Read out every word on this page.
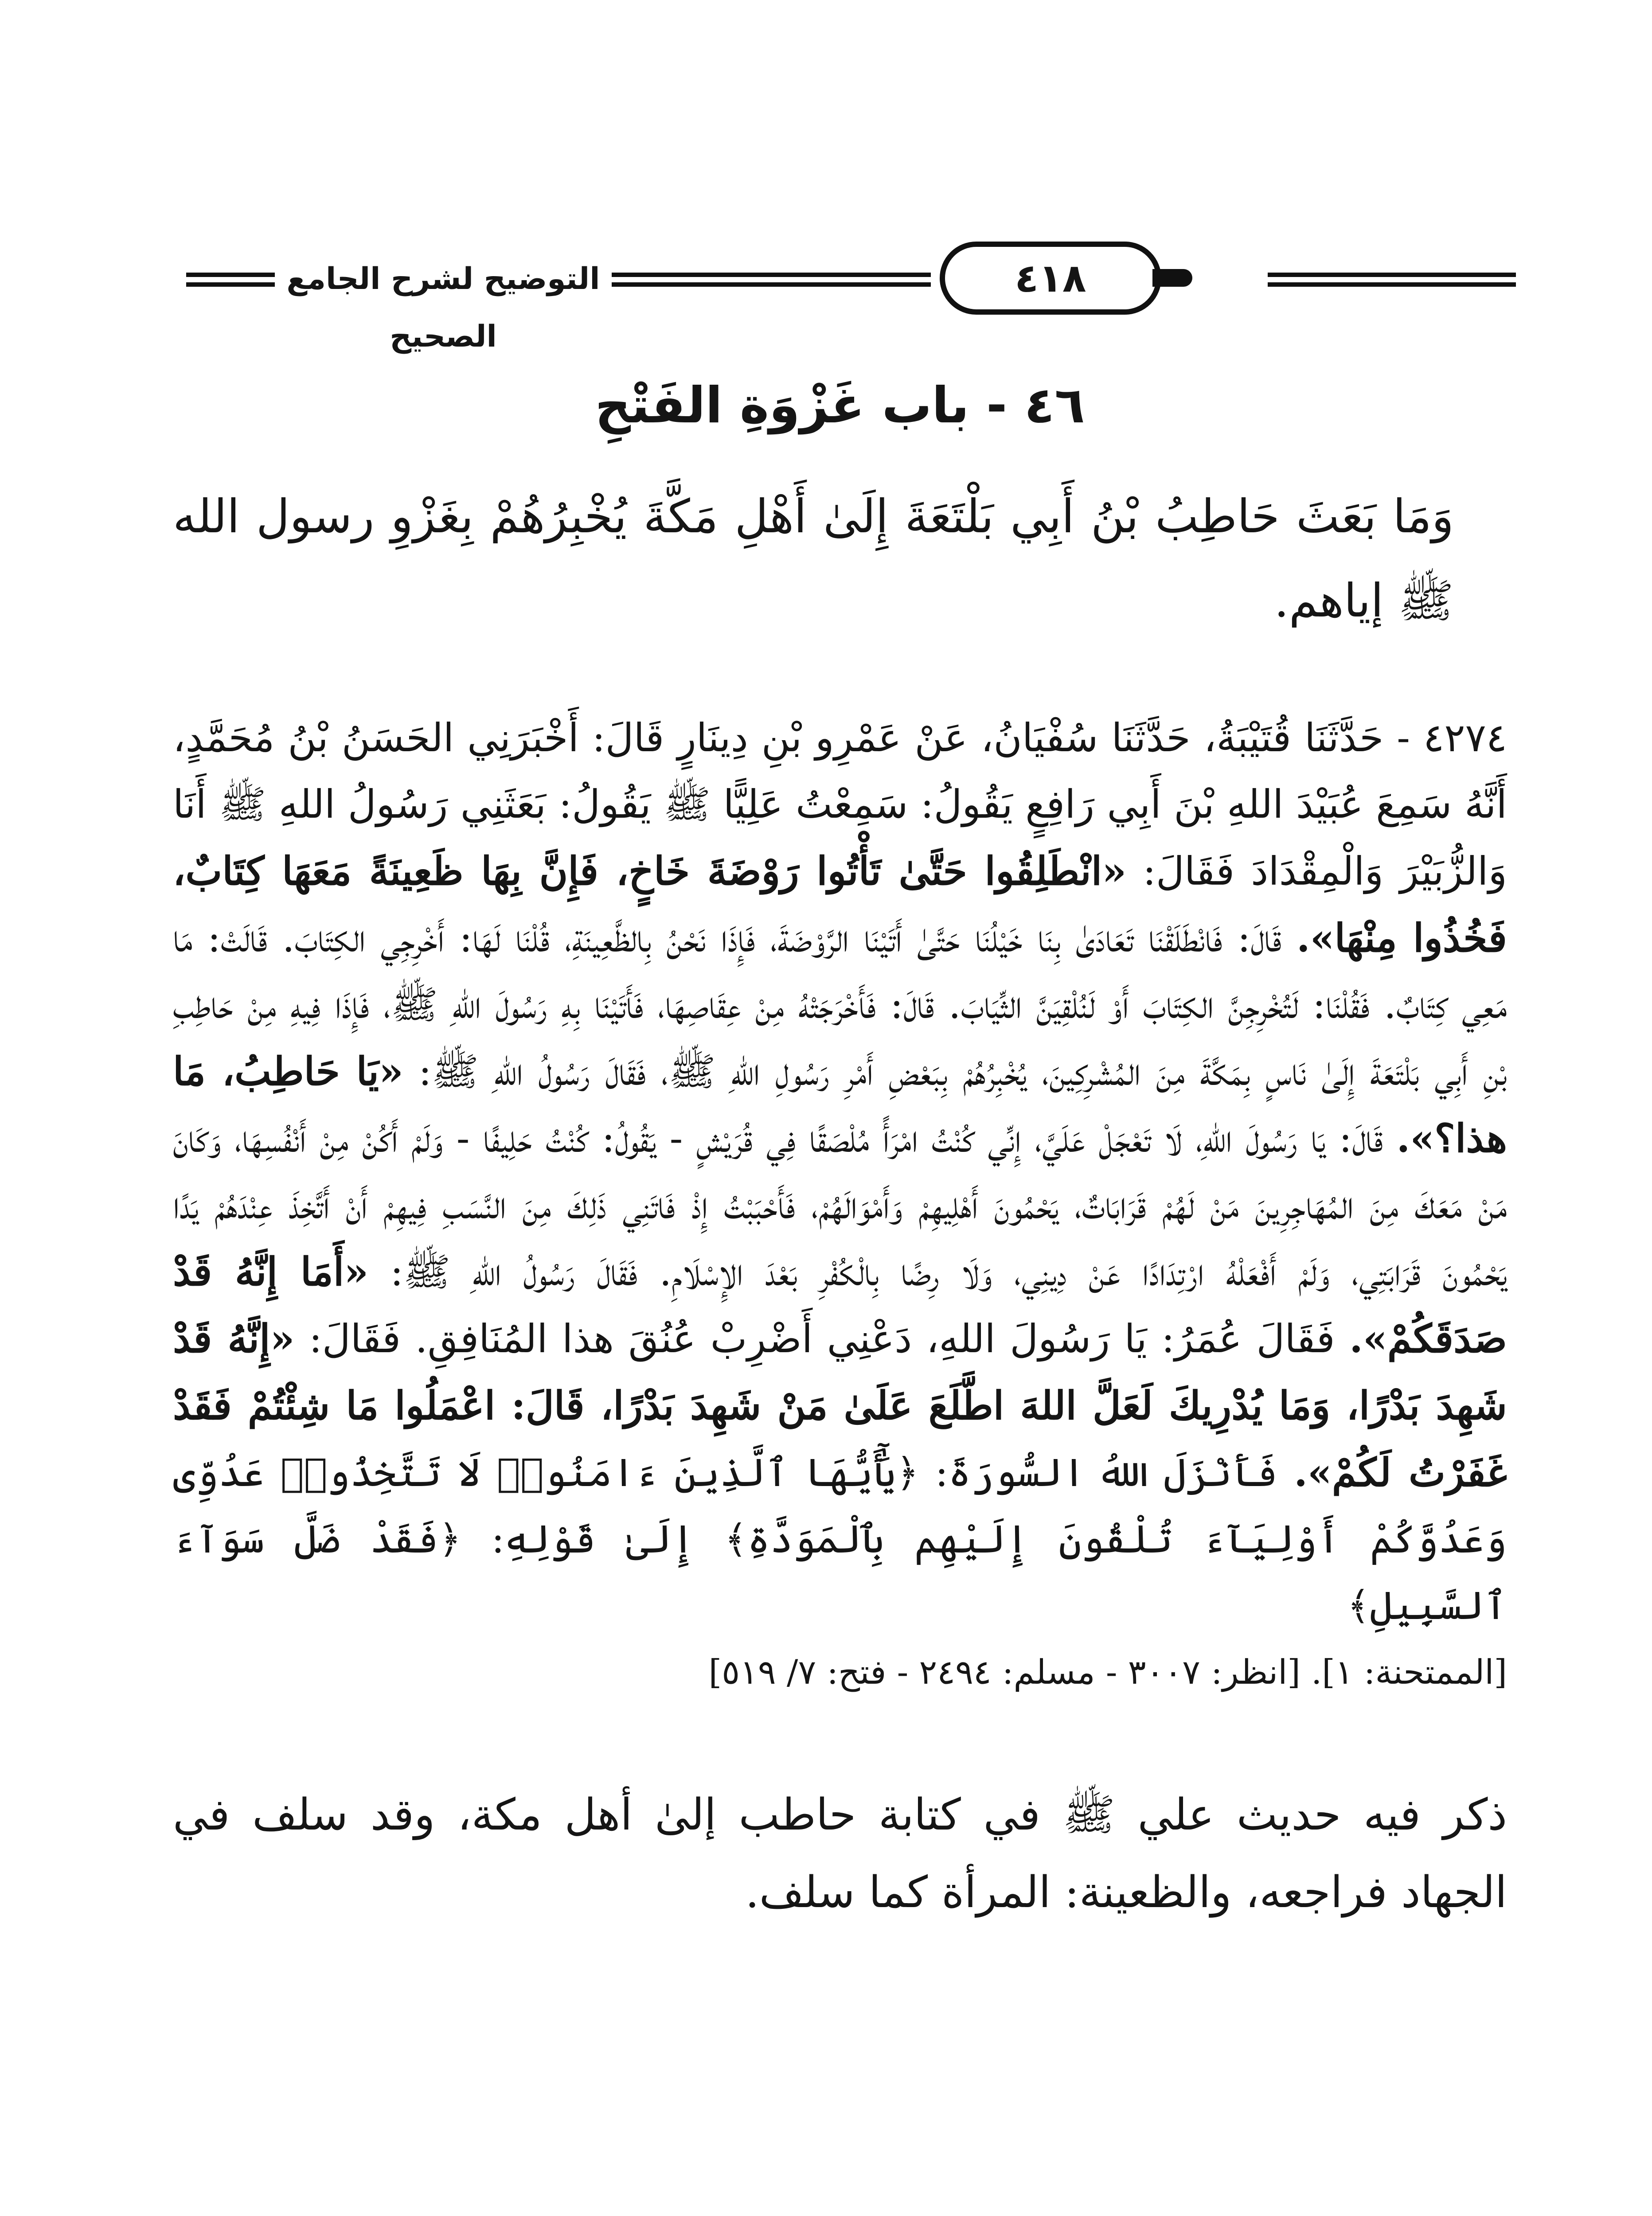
التوضيح لشرح الجامع الصحيح
٤١٨
٤٦ - باب غَزْوَةِ الفَتْحِ

وَمَا بَعَثَ حَاطِبُ بْنُ أَبِي بَلْتَعَةَ إِلَىٰ أَهْلِ مَكَّةَ يُخْبِرُهُمْ بِغَزْوِ رسول الله ﷺ إياهم.

٤٢٧٤ - حَدَّثَنَا قُتَيْبَةُ، حَدَّثَنَا سُفْيَانُ، عَنْ عَمْرِو بْنِ دِينَارٍ قَالَ: أَخْبَرَنِي الحَسَنُ بْنُ مُحَمَّدٍ، أَنَّهُ سَمِعَ عُبَيْدَ اللهِ بْنَ أَبِي رَافِعٍ يَقُولُ: سَمِعْتُ عَلِيًّا ﷺ يَقُولُ: بَعَثَنِي رَسُولُ اللهِ ﷺ أَنَا وَالزُّبَيْرَ وَالْمِقْدَادَ فَقَالَ: «انْطَلِقُوا حَتَّىٰ تَأْتُوا رَوْضَةَ خَاخٍ، فَإِنَّ بِهَا ظَعِينَةً مَعَهَا كِتَابٌ، فَخُذُوا مِنْهَا». قَالَ: فَانْطَلَقْنَا تَعَادَىٰ بِنَا خَيْلُنَا حَتَّىٰ أَتَيْنَا الرَّوْضَةَ، فَإِذَا نَحْنُ بِالظَّعِينَةِ، قُلْنَا لَهَا: أَخْرِجِي الكِتَابَ. قَالَتْ: مَا مَعِي كِتَابٌ. فَقُلْنَا: لَتُخْرِجِنَّ الكِتَابَ أَوْ لَنُلْقِيَنَّ الثِّيَابَ. قَالَ: فَأَخْرَجَتْهُ مِنْ عِقَاصِهَا، فَأَتَيْنَا بِهِ رَسُولَ اللهِ ﷺ، فَإِذَا فِيهِ مِنْ حَاطِبِ بْنِ أَبِي بَلْتَعَةَ إِلَىٰ نَاسٍ بِمَكَّةَ مِنَ المُشْرِكِينَ، يُخْبِرُهُمْ بِبَعْضِ أَمْرِ رَسُولِ اللهِ ﷺ، فَقَالَ رَسُولُ اللهِ ﷺ: «يَا حَاطِبُ، مَا هذا؟». قَالَ: يَا رَسُولَ اللهِ، لَا تَعْجَلْ عَلَيَّ، إِنِّي كُنْتُ امْرَأً مُلْصَقًا فِي قُرَيْشٍ - يَقُولُ: كُنْتُ حَلِيفًا - وَلَمْ أَكُنْ مِنْ أَنْفُسِهَا، وَكَانَ مَنْ مَعَكَ مِنَ المُهَاجِرِينَ مَنْ لَهُمْ قَرَابَاتٌ، يَحْمُونَ أَهْلِيهِمْ وَأَمْوَالَهُمْ، فَأَحْبَبْتُ إِذْ فَاتَنِي ذَلِكَ مِنَ النَّسَبِ فِيهِمْ أَنْ أَتَّخِذَ عِنْدَهُمْ يَدًا يَحْمُونَ قَرَابَتِي، وَلَمْ أَفْعَلْهُ ارْتِدَادًا عَنْ دِينِي، وَلَا رِضًا بِالْكُفْرِ بَعْدَ الإِسْلَامِ. فَقَالَ رَسُولُ اللهِ ﷺ: «أَمَا إِنَّهُ قَدْ صَدَقَكُمْ». فَقَالَ عُمَرُ: يَا رَسُولَ اللهِ، دَعْنِي أَضْرِبْ عُنُقَ هذا المُنَافِقِ. فَقَالَ: «إِنَّهُ قَدْ شَهِدَ بَدْرًا، وَمَا يُدْرِيكَ لَعَلَّ اللهَ اطَّلَعَ عَلَىٰ مَنْ شَهِدَ بَدْرًا، قَالَ: اعْمَلُوا مَا شِئْتُمْ فَقَدْ غَفَرْتُ لَكُمْ». فَأَنْزَلَ اللهُ السُّورَةَ: ﴿يَٰٓأَيُّهَا ٱلَّذِينَ ءَامَنُوا۟ لَا تَتَّخِذُوا۟ عَدُوِّى وَعَدُوَّكُمْ أَوْلِيَآءَ تُلْقُونَ إِلَيْهِم بِٱلْمَوَدَّةِ﴾ إِلَىٰ قَوْلِهِ: ﴿فَقَدْ ضَلَّ سَوَآءَ ٱلسَّبِيلِ﴾
[الممتحنة: ١]. [انظر: ٣٠٠٧ - مسلم: ٢٤٩٤ - فتح: ٧/ ٥١٩]

ذكر فيه حديث علي ﷺ في كتابة حاطب إلىٰ أهل مكة، وقد سلف في الجهاد فراجعه، والظعينة: المرأة كما سلف.
